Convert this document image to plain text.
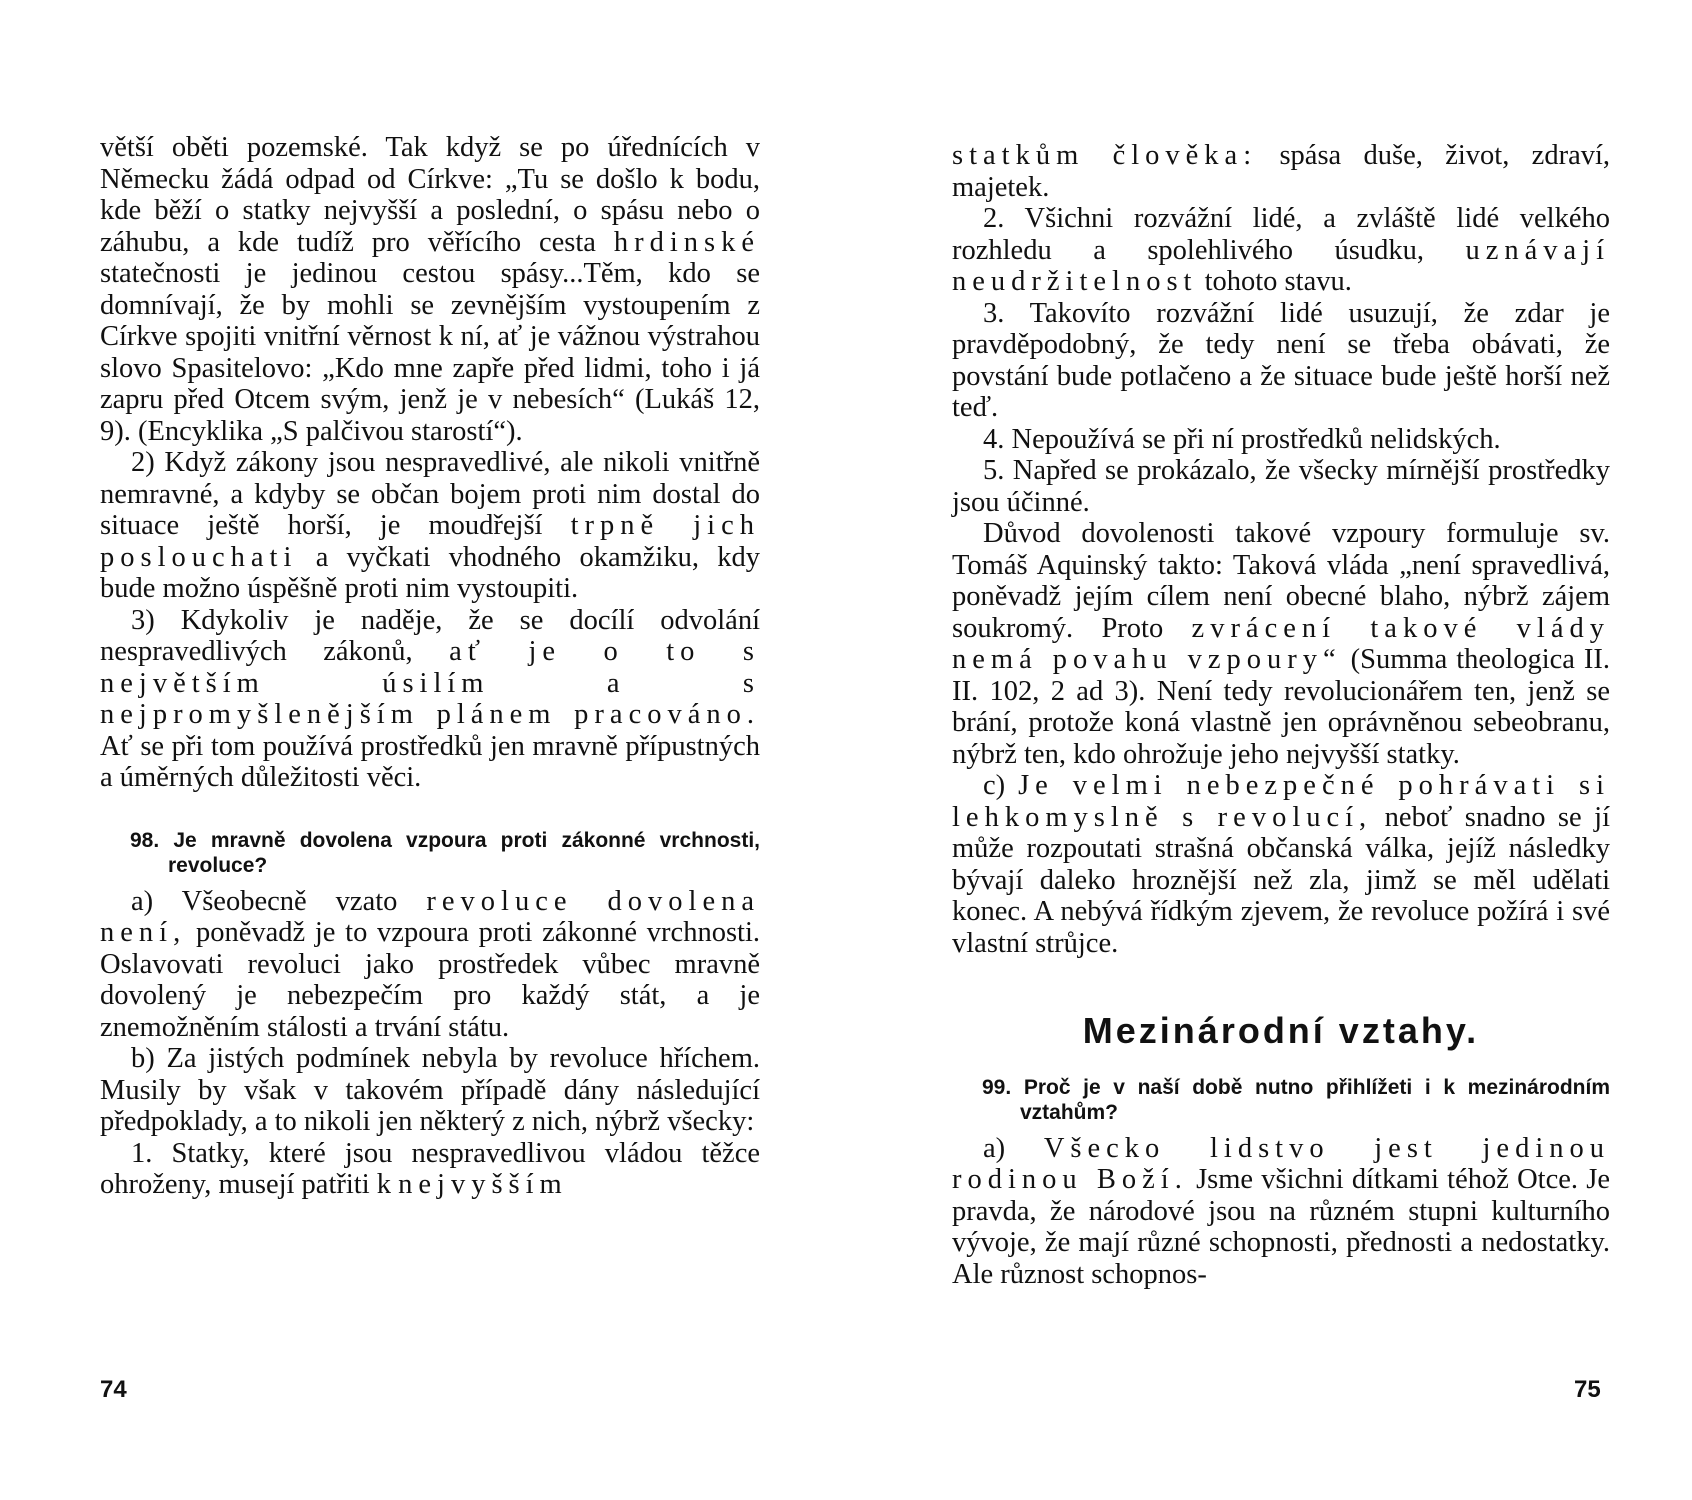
větší oběti pozemské. Tak když se po úřednících v Německu žádá odpad od Církve: „Tu se došlo k bodu, kde běží o statky nejvyšší a poslední, o spásu nebo o záhubu, a kde tudíž pro věřícího cesta hrdinské statečnosti je jedinou cestou spásy...Těm, kdo se domnívají, že by mohli se zevnějším vystoupením z Církve spojiti vnitřní věrnost k ní, ať je vážnou výstrahou slovo Spasitelovo: „Kdo mne zapře před lidmi, toho i já zapru před Otcem svým, jenž je v nebesích“ (Lukáš 12, 9). (Encyklika „S palčivou starostí“).

2) Když zákony jsou nespravedlivé, ale nikoli vnitřně nemravné, a kdyby se občan bojem proti nim dostal do situace ještě horší, je moudřejší trpně jich poslouchati a vyčkati vhodného okamžiku, kdy bude možno úspěšně proti nim vystoupiti.

3) Kdykoliv je naděje, že se docílí odvolání nespravedlivých zákonů, ať je o to s největším úsilím a s nejpromyšlenějším plánem pracováno. Ať se při tom používá prostředků jen mravně přípustných a úměrných důležitosti věci.

98. Je mravně dovolena vzpoura proti zákonné vrchnosti, revoluce?

a) Všeobecně vzato revoluce dovolena není, poněvadž je to vzpoura proti zákonné vrchnosti. Oslavovati revoluci jako prostředek vůbec mravně dovolený je nebezpečím pro každý stát, a je znemožněním stálosti a trvání státu.

b) Za jistých podmínek nebyla by revoluce hříchem. Musily by však v takovém případě dány následující předpoklady, a to nikoli jen některý z nich, nýbrž všecky:

1. Statky, které jsou nespravedlivou vládou těžce ohroženy, musejí patřiti k nejvyšším

74

statkům člověka: spása duše, život, zdraví, majetek.

2. Všichni rozvážní lidé, a zvláště lidé velkého rozhledu a spolehlivého úsudku, uznávají neudržitelnost tohoto stavu.

3. Takovíto rozvážní lidé usuzují, že zdar je pravděpodobný, že tedy není se třeba obávati, že povstání bude potlačeno a že situace bude ještě horší než teď.

4. Nepoužívá se při ní prostředků nelidských.

5. Napřed se prokázalo, že všecky mírnější prostředky jsou účinné.

Důvod dovolenosti takové vzpoury formuluje sv. Tomáš Aquinský takto: Taková vláda „není spravedlivá, poněvadž jejím cílem není obecné blaho, nýbrž zájem soukromý. Proto zvrácení takové vlády nemá povahu vzpoury“ (Summa theologica II. II. 102, 2 ad 3). Není tedy revolucionářem ten, jenž se brání, protože koná vlastně jen oprávněnou sebeobranu, nýbrž ten, kdo ohrožuje jeho nejvyšší statky.

c) Je velmi nebezpečné pohrávati si lehkomyslně s revolucí, neboť snadno se jí může rozpoutati strašná občanská válka, jejíž následky bývají daleko hroznější než zla, jimž se měl udělati konec. A nebývá řídkým zjevem, že revoluce požírá i své vlastní strůjce.

Mezinárodní vztahy.
99. Proč je v naší době nutno přihlížeti i k mezinárodním vztahům?

a) Všecko lidstvo jest jedinou rodinou Boží. Jsme všichni dítkami téhož Otce. Je pravda, že národové jsou na různém stupni kulturního vývoje, že mají různé schopnosti, přednosti a nedostatky. Ale různost schopnos-

75
